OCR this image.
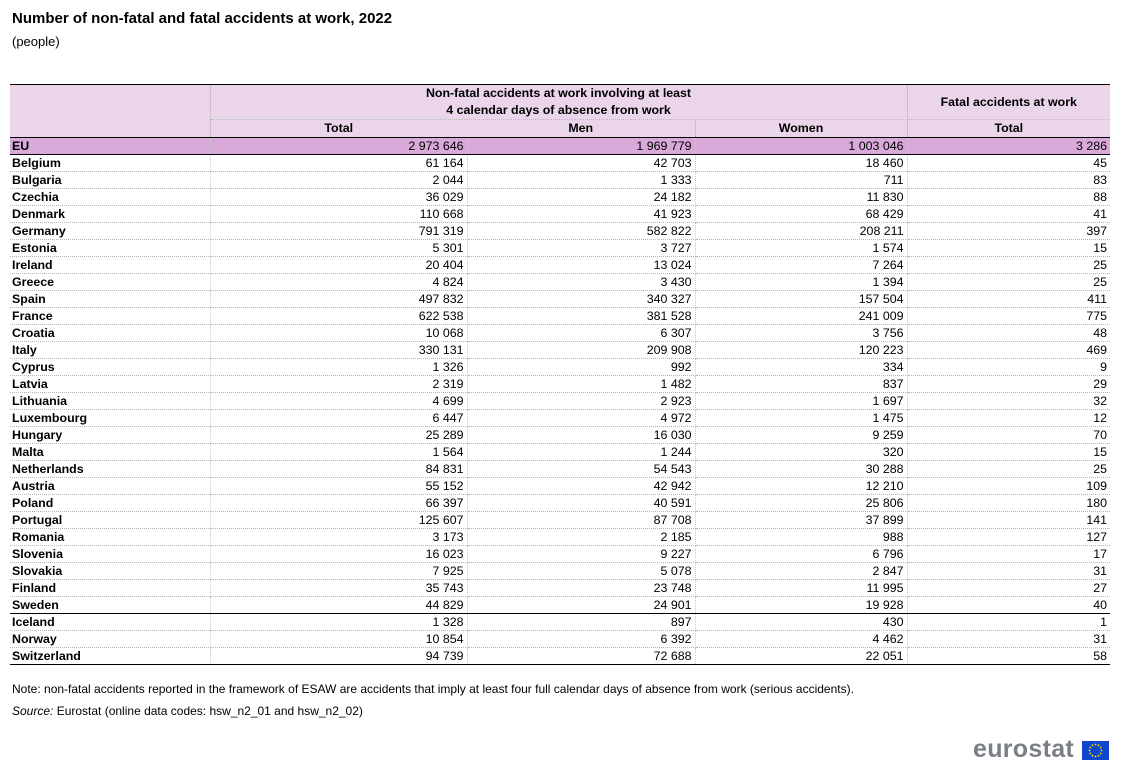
Number of non-fatal and fatal accidents at work, 2022
(people)
	Non-fatal accidents at work involving at least
4 calendar days of absence from work			Fatal accidents at work
	Total	Men	Women	Total
EU	2 973 646	1 969 779	1 003 046	3 286
Belgium	61 164	42 703	18 460	45
Bulgaria	2 044	1 333	711	83
Czechia	36 029	24 182	11 830	88
Denmark	110 668	41 923	68 429	41
Germany	791 319	582 822	208 211	397
Estonia	5 301	3 727	1 574	15
Ireland	20 404	13 024	7 264	25
Greece	4 824	3 430	1 394	25
Spain	497 832	340 327	157 504	411
France	622 538	381 528	241 009	775
Croatia	10 068	6 307	3 756	48
Italy	330 131	209 908	120 223	469
Cyprus	1 326	992	334	9
Latvia	2 319	1 482	837	29
Lithuania	4 699	2 923	1 697	32
Luxembourg	6 447	4 972	1 475	12
Hungary	25 289	16 030	9 259	70
Malta	1 564	1 244	320	15
Netherlands	84 831	54 543	30 288	25
Austria	55 152	42 942	12 210	109
Poland	66 397	40 591	25 806	180
Portugal	125 607	87 708	37 899	141
Romania	3 173	2 185	988	127
Slovenia	16 023	9 227	6 796	17
Slovakia	7 925	5 078	2 847	31
Finland	35 743	23 748	11 995	27
Sweden	44 829	24 901	19 928	40
Iceland	1 328	897	430	1
Norway	10 854	6 392	4 462	31
Switzerland	94 739	72 688	22 051	58
Note: non-fatal accidents reported in the framework of ESAW are accidents that imply at least four full calendar days of absence from work (serious accidents).
Source: Eurostat (online data codes: hsw_n2_01 and hsw_n2_02)
eurostat
